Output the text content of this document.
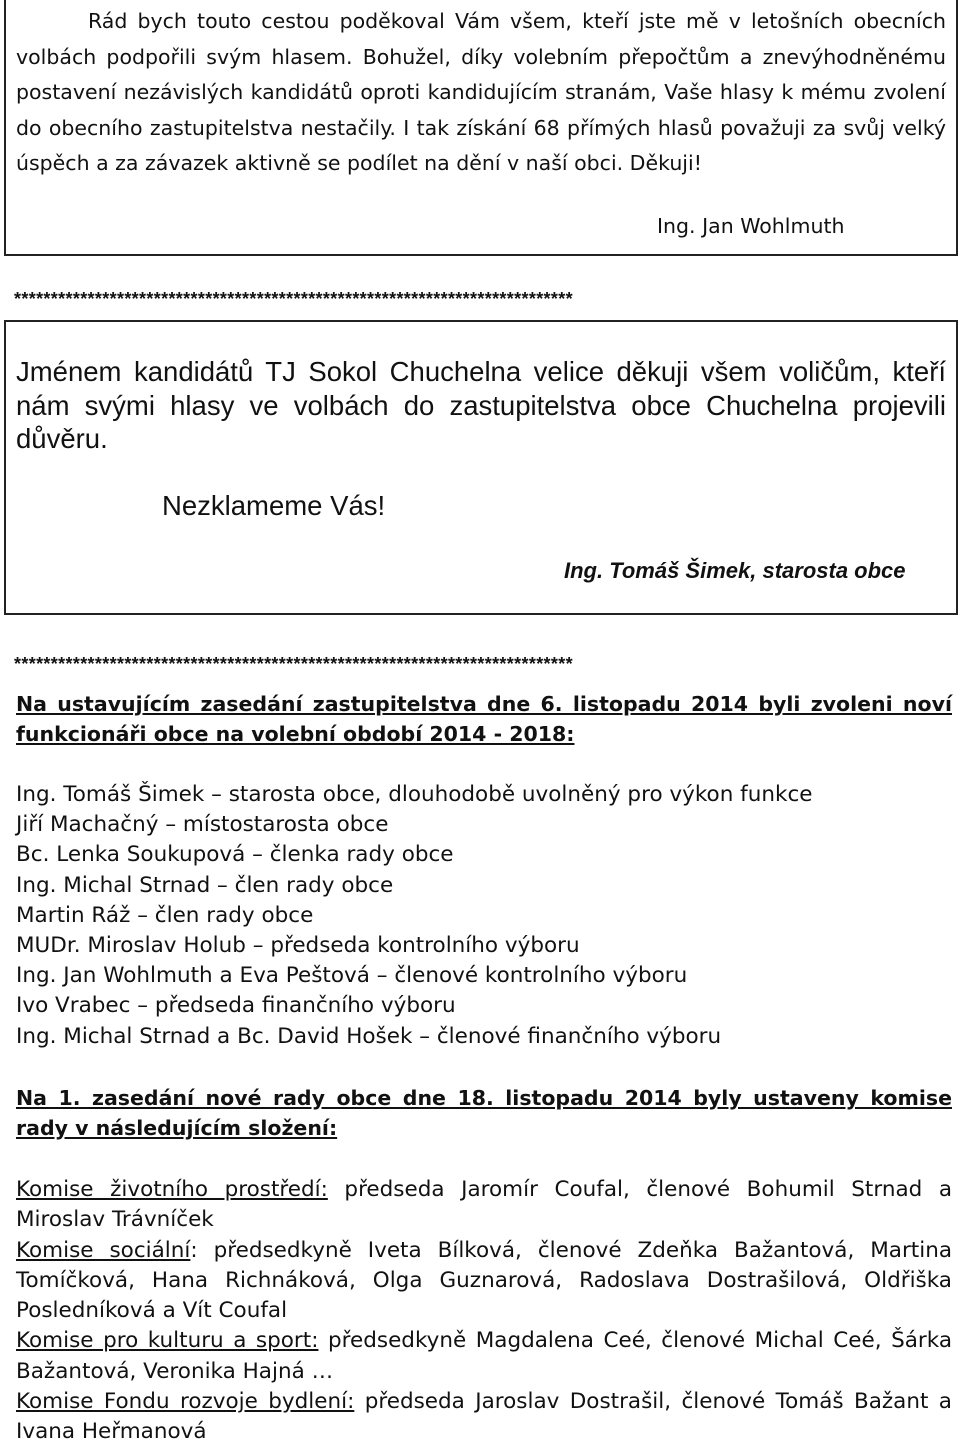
Rád bych touto cestou poděkoval Vám všem, kteří jste mě v letošních obecních volbách podpořili svým hlasem. Bohužel, díky volebním přepočtům a znevýhodněnému postavení nezávislých kandidátů oproti kandidujícím stranám, Vaše hlasy k mému zvolení do obecního zastupitelstva nestačily. I tak získání 68 přímých hlasů považuji za svůj velký úspěch a za závazek aktivně se podílet na dění v naší obci. Děkuji!

Ing. Jan Wohlmuth

****************************************************************************

Jménem kandidátů TJ Sokol Chuchelna velice děkuji všem voličům, kteří nám svými hlasy ve volbách do zastupitelstva obce Chuchelna projevili důvěru.

Nezklameme Vás!

Ing. Tomáš Šimek, starosta obce

****************************************************************************

Na ustavujícím zasedání zastupitelstva dne 6. listopadu 2014 byli zvoleni noví funkcionáři obce na volební období 2014 - 2018:

Ing. Tomáš Šimek – starosta obce, dlouhodobě uvolněný pro výkon funkce
Jiří Machačný – místostarosta obce
Bc. Lenka Soukupová – členka rady obce
Ing. Michal Strnad – člen rady obce
Martin Ráž – člen rady obce
MUDr. Miroslav Holub – předseda kontrolního výboru
Ing. Jan Wohlmuth a Eva Peštová – členové kontrolního výboru
Ivo Vrabec – předseda finančního výboru
Ing. Michal Strnad a Bc. David Hošek – členové finančního výboru

Na 1. zasedání nové rady obce dne 18. listopadu 2014 byly ustaveny komise rady v následujícím složení:

Komise životního prostředí: předseda Jaromír Coufal, členové Bohumil Strnad a Miroslav Trávníček

Komise sociální: předsedkyně Iveta Bílková, členové Zdeňka Bažantová, Martina Tomíčková, Hana Richnáková, Olga Guznarová, Radoslava Dostrašilová, Oldřiška Posledníková a Vít Coufal

Komise pro kulturu a sport: předsedkyně Magdalena Ceé, členové Michal Ceé, Šárka Bažantová, Veronika Hajná …

Komise Fondu rozvoje bydlení: předseda Jaroslav Dostrašil, členové Tomáš Bažant a Ivana Heřmanová
